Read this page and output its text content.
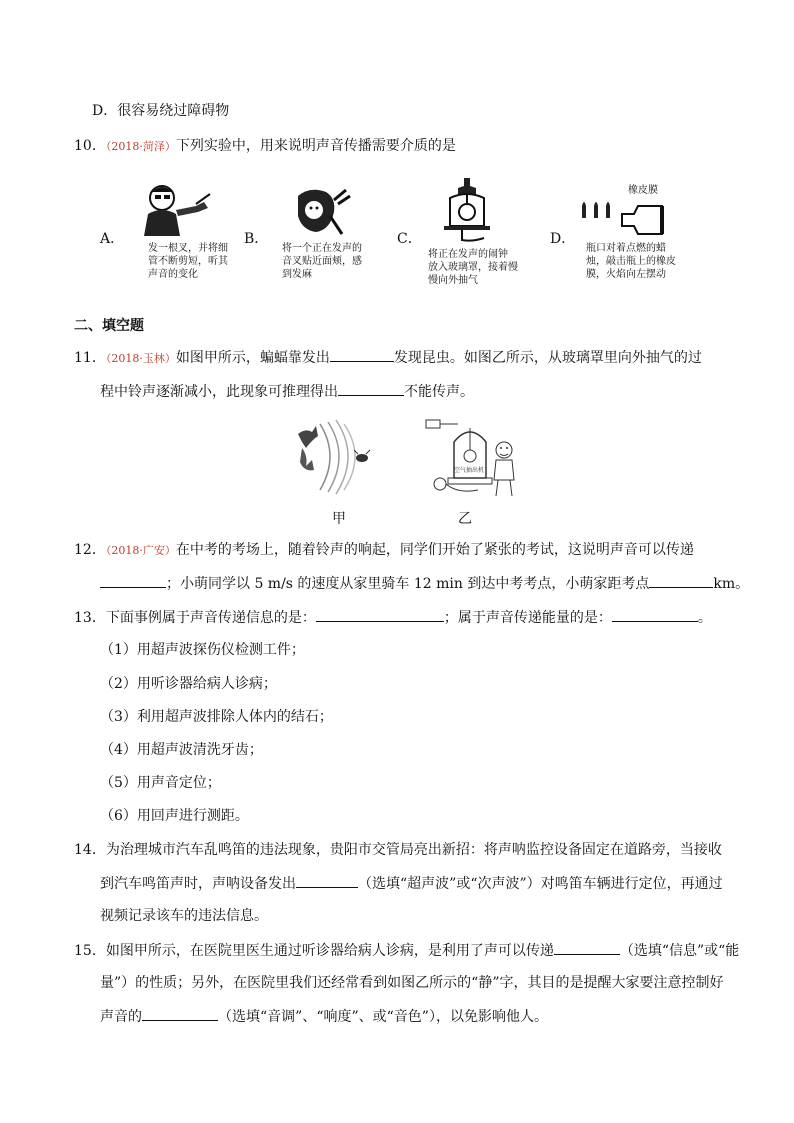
D．很容易绕过障碍物
10．（2018·菏泽）下列实验中，用来说明声音传播需要介质的是
A．
发一根叉，并将细
管不断剪短，听其
声音的变化
B．
将一个正在发声的
音叉贴近面颊，感
到发麻
C．
将正在发声的闹钟
放入玻璃罩，接着慢
慢向外抽气
D．
橡皮膜
瓶口对着点燃的蜡
烛，敲击瓶上的橡皮
膜，火焰向左摆动
二、填空题
11．（2018·玉林）如图甲所示，蝙蝠靠发出	发现昆虫。如图乙所示，从玻璃罩里向外抽气的过
程中铃声逐渐减小，此现象可推理得出	不能传声。
空气抽出机
甲	乙
12．（2018·广安）在中考的考场上，随着铃声的响起，同学们开始了紧张的考试，这说明声音可以传递
；小萌同学以 5 m/s 的速度从家里骑车 12 min 到达中考考点，小萌家距考点	km。
13．下面事例属于声音传递信息的是：	；属于声音传递能量的是：	。
（1）用超声波探伤仪检测工件；
（2）用听诊器给病人诊病；
（3）利用超声波排除人体内的结石；
（4）用超声波清洗牙齿；
（5）用声音定位；
（6）用回声进行测距。
14．为治理城市汽车乱鸣笛的违法现象，贵阳市交管局亮出新招：将声呐监控设备固定在道路旁，当接收
到汽车鸣笛声时，声呐设备发出	（选填“超声波”或“次声波”）对鸣笛车辆进行定位，再通过
视频记录该车的违法信息。
15．如图甲所示，在医院里医生通过听诊器给病人诊病，是利用了声可以传递	（选填“信息”或“能
量”）的性质；另外，在医院里我们还经常看到如图乙所示的“静”字，其目的是提醒大家要注意控制好
声音的	（选填“音调”、“响度”、或“音色”），以免影响他人。
